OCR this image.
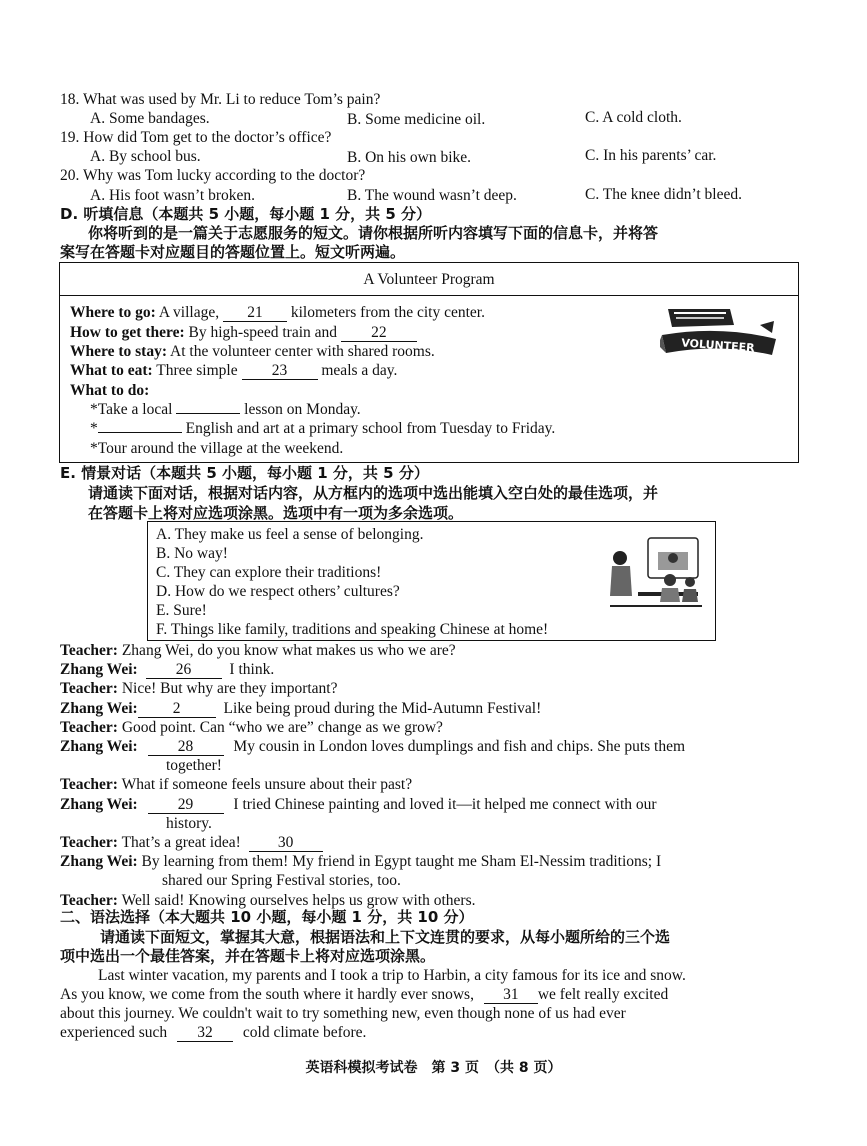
18. What was used by Mr. Li to reduce Tom’s pain?
A. Some bandages.	B. Some medicine oil.	C. A cold cloth.
19. How did Tom get to the doctor’s office?
A. By school bus.	B. On his own bike.	C. In his parents’ car.
20. Why was Tom lucky according to the doctor?
A. His foot wasn’t broken.	B. The wound wasn’t deep.	C. The knee didn’t bleed.
D. 听填信息（本题共 5 小题，每小题 1 分，共 5 分）
你将听到的是一篇关于志愿服务的短文。请你根据所听内容填写下面的信息卡，并将答
案写在答题卡对应题目的答题位置上。短文听两遍。
A Volunteer Program
Where to go: A village, 21 kilometers from the city center.
How to get there: By high-speed train and 22
Where to stay: At the volunteer center with shared rooms.
What to eat: Three simple 23 meals a day.
What to do:
*Take a local	lesson on Monday.
*	English and art at a primary school from Tuesday to Friday.
*Tour around the village at the weekend.
VOLUNTEER
E. 情景对话（本题共 5 小题，每小题 1 分，共 5 分）
请通读下面对话，根据对话内容，从方框内的选项中选出能填入空白处的最佳选项，并
在答题卡上将对应选项涂黑。选项中有一项为多余选项。
A. They make us feel a sense of belonging.
B. No way!
C. They can explore their traditions!
D. How do we respect others’ cultures?
E. Sure!
F. Things like family, traditions and speaking Chinese at home!
Teacher: Zhang Wei, do you know what makes us who we are?
Zhang Wei: 26 I think.
Teacher: Nice! But why are they important?
Zhang Wei: 2	Like being proud during the Mid-Autumn Festival!
Teacher: Good point. Can “who we are” change as we grow?
Zhang Wei:	28	My cousin in London loves dumplings and fish and chips. She puts them
together!
Teacher: What if someone feels unsure about their past?
Zhang Wei:	29	I tried Chinese painting and loved it—it helped me connect with our
history.
Teacher: That’s a great idea! 30
Zhang Wei: By learning from them! My friend in Egypt taught me Sham El-Nessim traditions; I
shared our Spring Festival stories, too.
Teacher: Well said! Knowing ourselves helps us grow with others.
二、语法选择（本大题共 10 小题，每小题 1 分，共 10 分）
请通读下面短文，掌握其大意，根据语法和上下文连贯的要求，从每小题所给的三个选
项中选出一个最佳答案，并在答题卡上将对应选项涂黑。
Last winter vacation, my parents and I took a trip to Harbin, a city famous for its ice and snow.
As you know, we come from the south where it hardly ever snows, 31 we felt really excited
about this journey. We couldn't wait to try something new, even though none of us had ever
experienced such 32 cold climate before.
英语科模拟考试卷　第 3 页　（共 8 页）
